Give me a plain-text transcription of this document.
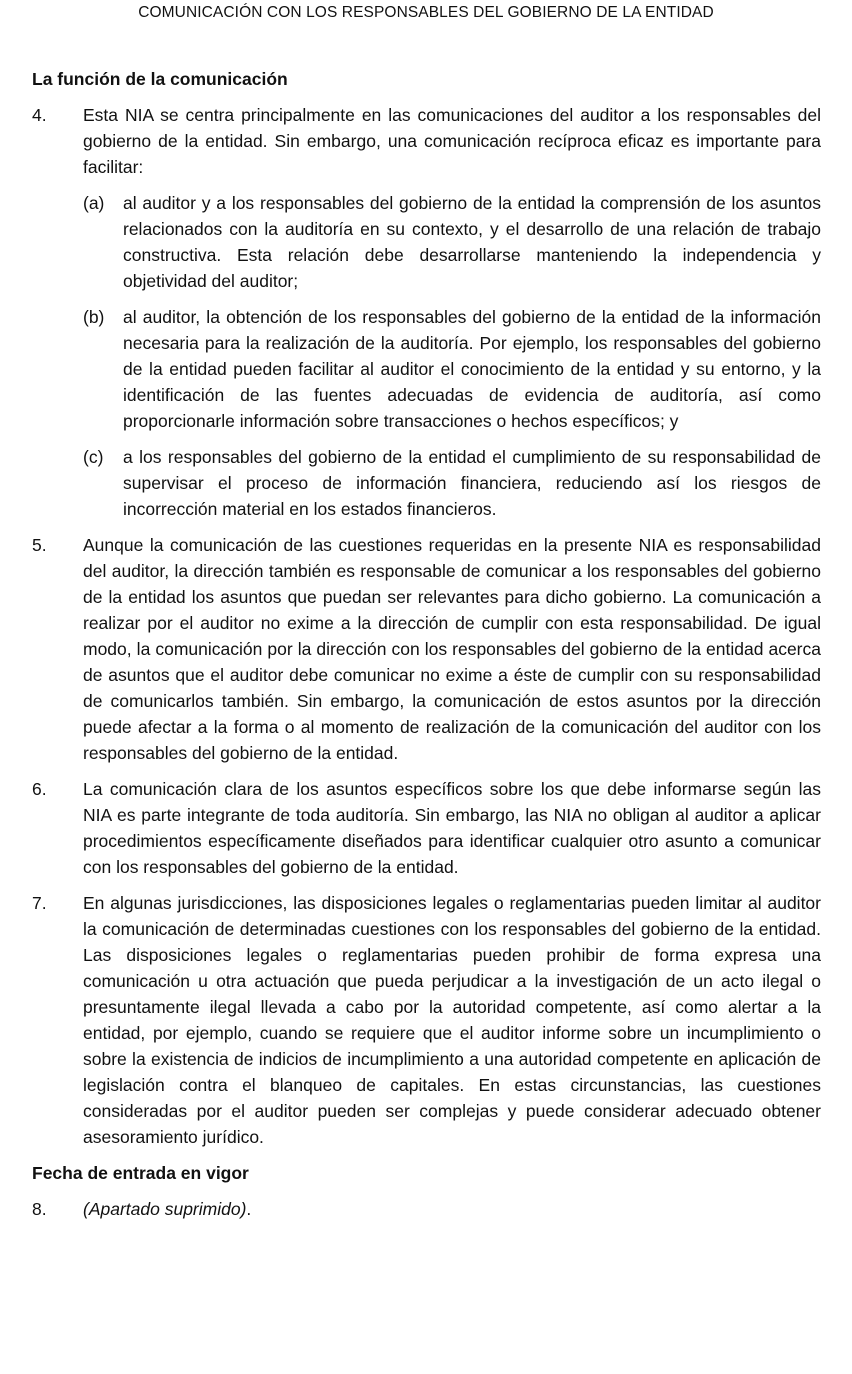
COMUNICACIÓN CON LOS RESPONSABLES DEL GOBIERNO DE LA ENTIDAD
La función de la comunicación
4. Esta NIA se centra principalmente en las comunicaciones del auditor a los responsables del gobierno de la entidad. Sin embargo, una comunicación recíproca eficaz es importante para facilitar:

(a) al auditor y a los responsables del gobierno de la entidad la comprensión de los asuntos relacionados con la auditoría en su contexto, y el desarrollo de una relación de trabajo constructiva. Esta relación debe desarrollarse manteniendo la independencia y objetividad del auditor;
(b) al auditor, la obtención de los responsables del gobierno de la entidad de la información necesaria para la realización de la auditoría. Por ejemplo, los responsables del gobierno de la entidad pueden facilitar al auditor el conocimiento de la entidad y su entorno, y la identificación de las fuentes adecuadas de evidencia de auditoría, así como proporcionarle información sobre transacciones o hechos específicos; y
(c) a los responsables del gobierno de la entidad el cumplimiento de su responsabilidad de supervisar el proceso de información financiera, reduciendo así los riesgos de incorrección material en los estados financieros.
5. Aunque la comunicación de las cuestiones requeridas en la presente NIA es responsabilidad del auditor, la dirección también es responsable de comunicar a los responsables del gobierno de la entidad los asuntos que puedan ser relevantes para dicho gobierno. La comunicación a realizar por el auditor no exime a la dirección de cumplir con esta responsabilidad. De igual modo, la comunicación por la dirección con los responsables del gobierno de la entidad acerca de asuntos que el auditor debe comunicar no exime a éste de cumplir con su responsabilidad de comunicarlos también. Sin embargo, la comunicación de estos asuntos por la dirección puede afectar a la forma o al momento de realización de la comunicación del auditor con los responsables del gobierno de la entidad.

6. La comunicación clara de los asuntos específicos sobre los que debe informarse según las NIA es parte integrante de toda auditoría. Sin embargo, las NIA no obligan al auditor a aplicar procedimientos específicamente diseñados para identificar cualquier otro asunto a comunicar con los responsables del gobierno de la entidad.

7. En algunas jurisdicciones, las disposiciones legales o reglamentarias pueden limitar al auditor la comunicación de determinadas cuestiones con los responsables del gobierno de la entidad. Las disposiciones legales o reglamentarias pueden prohibir de forma expresa una comunicación u otra actuación que pueda perjudicar a la investigación de un acto ilegal o presuntamente ilegal llevada a cabo por la autoridad competente, así como alertar a la entidad, por ejemplo, cuando se requiere que el auditor informe sobre un incumplimiento o sobre la existencia de indicios de incumplimiento a una autoridad competente en aplicación de legislación contra el blanqueo de capitales. En estas circunstancias, las cuestiones consideradas por el auditor pueden ser complejas y puede considerar adecuado obtener asesoramiento jurídico.

Fecha de entrada en vigor
8. (Apartado suprimido).
